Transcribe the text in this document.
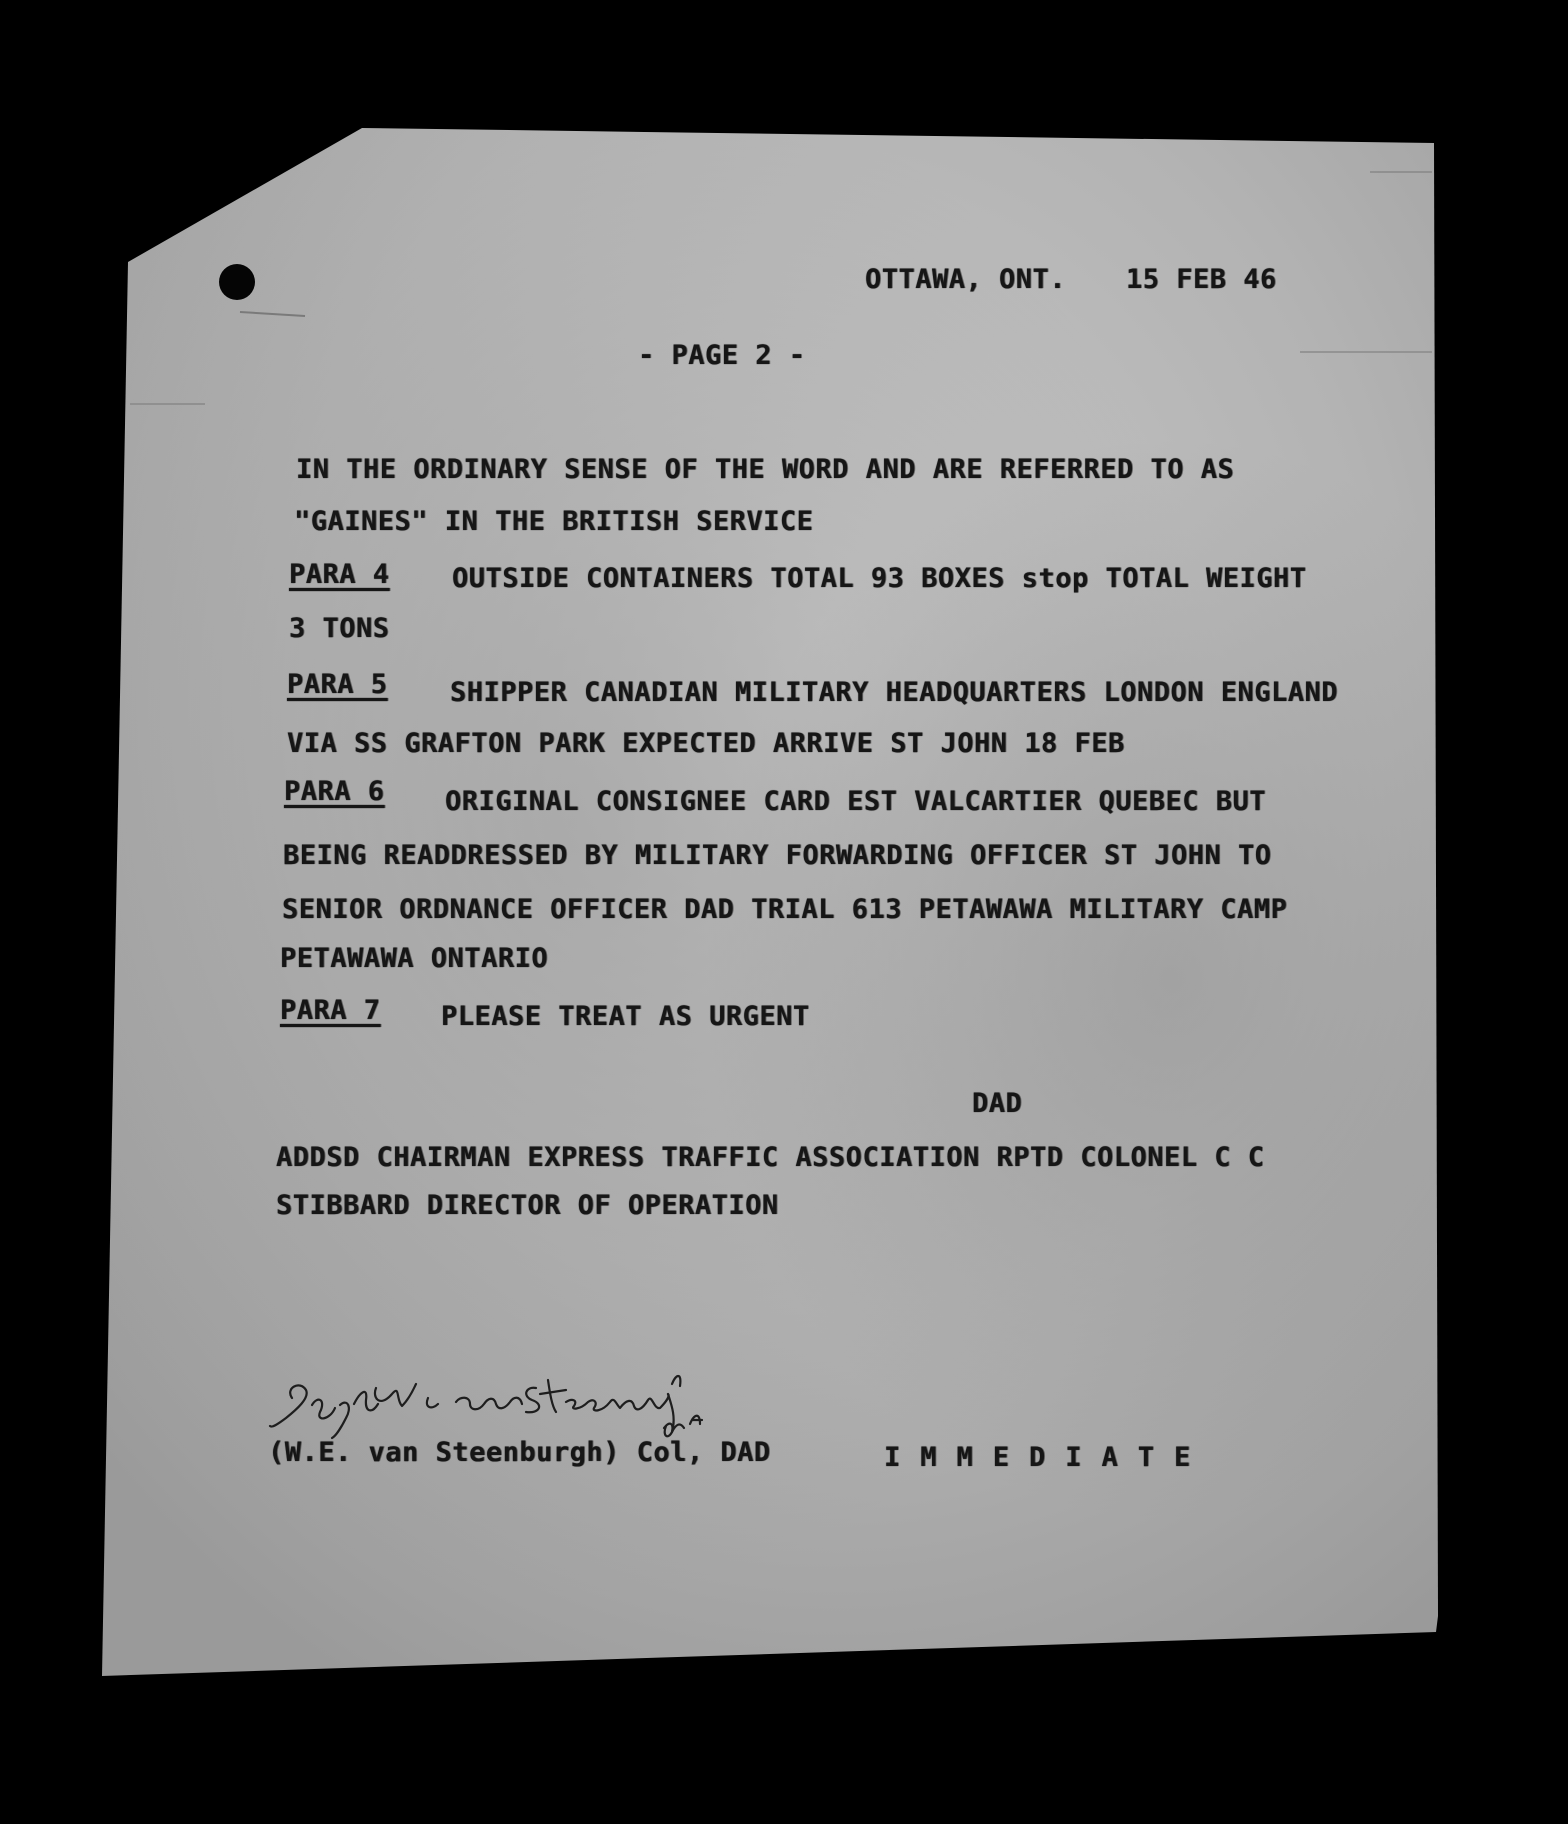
OTTAWA, ONT. 15 FEB 46
- PAGE 2 -
IN THE ORDINARY SENSE OF THE WORD AND ARE REFERRED TO AS
"GAINES" IN THE BRITISH SERVICE
PARA 4 OUTSIDE CONTAINERS TOTAL 93 BOXES stop TOTAL WEIGHT
3 TONS
PARA 5 SHIPPER CANADIAN MILITARY HEADQUARTERS LONDON ENGLAND
VIA SS GRAFTON PARK EXPECTED ARRIVE ST JOHN 18 FEB
PARA 6 ORIGINAL CONSIGNEE CARD EST VALCARTIER QUEBEC BUT
BEING READDRESSED BY MILITARY FORWARDING OFFICER ST JOHN TO
SENIOR ORDNANCE OFFICER DAD TRIAL 613 PETAWAWA MILITARY CAMP
PETAWAWA ONTARIO
PARA 7 PLEASE TREAT AS URGENT
DAD
ADDSD CHAIRMAN EXPRESS TRAFFIC ASSOCIATION RPTD COLONEL C C
STIBBARD DIRECTOR OF OPERATION
(W.E. van Steenburgh) Col, DAD	IMMEDIATE
